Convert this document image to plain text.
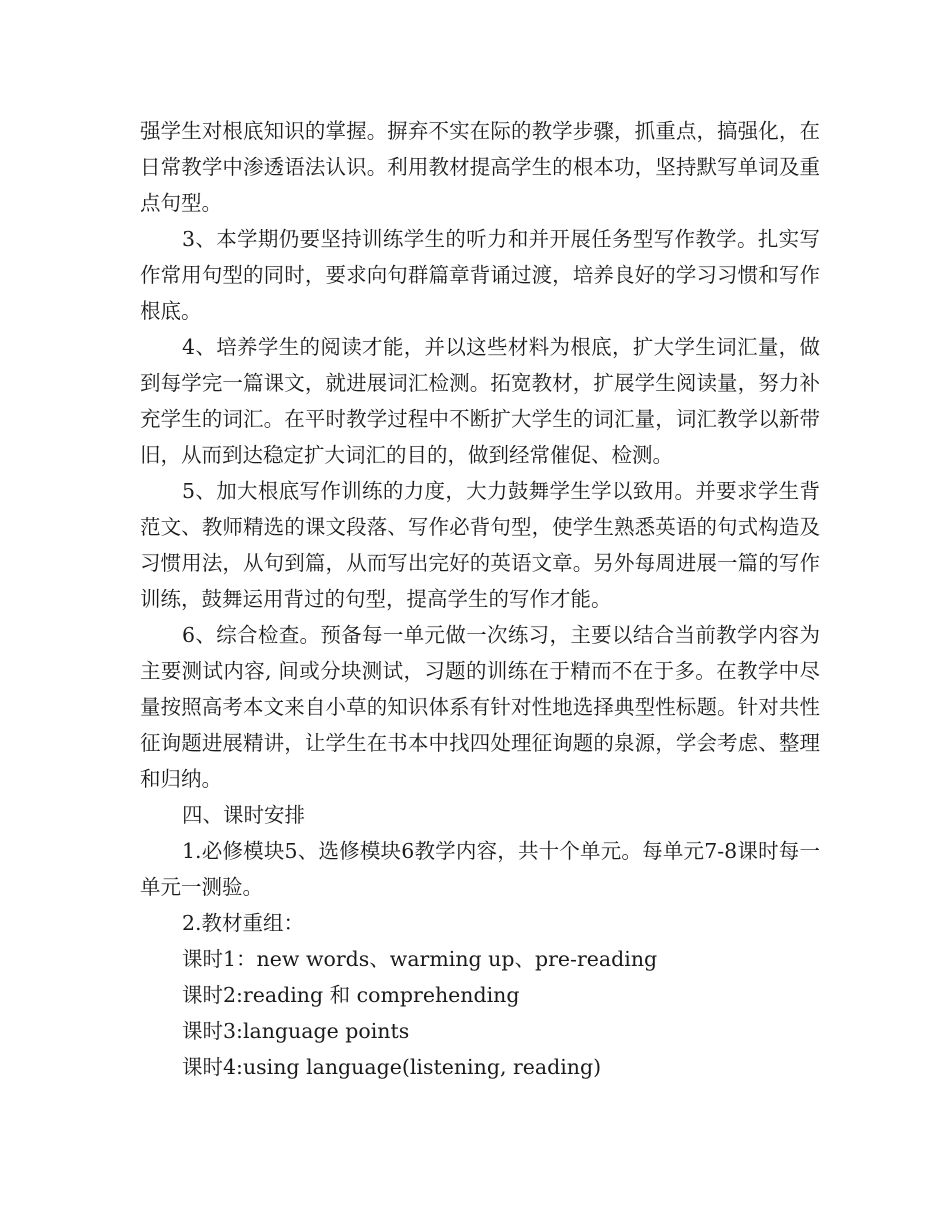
强学生对根底知识的掌握。摒弃不实在际的教学步骤，抓重点，搞强化，在日常教学中渗透语法认识。利用教材提高学生的根本功，坚持默写单词及重点句型。

3、本学期仍要坚持训练学生的听力和并开展任务型写作教学。扎实写作常用句型的同时，要求向句群篇章背诵过渡，培养良好的学习习惯和写作根底。

4、培养学生的阅读才能，并以这些材料为根底，扩大学生词汇量，做到每学完一篇课文，就进展词汇检测。拓宽教材，扩展学生阅读量，努力补充学生的词汇。在平时教学过程中不断扩大学生的词汇量，词汇教学以新带旧，从而到达稳定扩大词汇的目的，做到经常催促、检测。

5、加大根底写作训练的力度，大力鼓舞学生学以致用。并要求学生背范文、教师精选的课文段落、写作必背句型，使学生熟悉英语的句式构造及习惯用法，从句到篇，从而写出完好的英语文章。另外每周进展一篇的写作训练，鼓舞运用背过的句型，提高学生的写作才能。

6、综合检查。预备每一单元做一次练习，主要以结合当前教学内容为主要测试内容, 间或分块测试，习题的训练在于精而不在于多。在教学中尽量按照高考本文来自小草的知识体系有针对性地选择典型性标题。针对共性征询题进展精讲，让学生在书本中找四处理征询题的泉源，学会考虑、整理和归纳。

四、课时安排

1.必修模块5、选修模块6教学内容，共十个单元。每单元7-8课时每一单元一测验。

2.教材重组：

课时1：new words、warming up、pre-reading

课时2:reading 和 comprehending

课时3:language points

课时4:using language(listening, reading)
